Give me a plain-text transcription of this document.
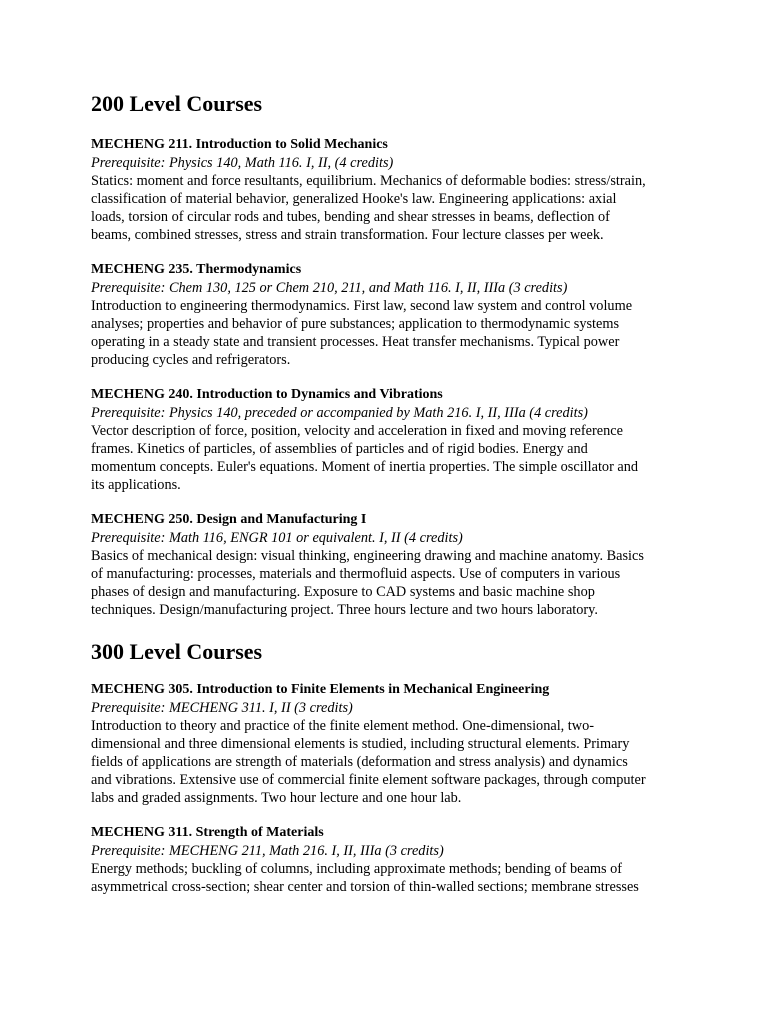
200 Level Courses
MECHENG 211. Introduction to Solid Mechanics
Prerequisite: Physics 140, Math 116. I, II, (4 credits)
Statics: moment and force resultants, equilibrium. Mechanics of deformable bodies: stress/strain,
classification of material behavior, generalized Hooke's law. Engineering applications: axial
loads, torsion of circular rods and tubes, bending and shear stresses in beams, deflection of
beams, combined stresses, stress and strain transformation. Four lecture classes per week.
MECHENG 235. Thermodynamics
Prerequisite: Chem 130, 125 or Chem 210, 211, and Math 116. I, II, IIIa (3 credits)
Introduction to engineering thermodynamics. First law, second law system and control volume
analyses; properties and behavior of pure substances; application to thermodynamic systems
operating in a steady state and transient processes. Heat transfer mechanisms. Typical power
producing cycles and refrigerators.
MECHENG 240. Introduction to Dynamics and Vibrations
Prerequisite: Physics 140, preceded or accompanied by Math 216. I, II, IIIa (4 credits)
Vector description of force, position, velocity and acceleration in fixed and moving reference
frames. Kinetics of particles, of assemblies of particles and of rigid bodies. Energy and
momentum concepts. Euler's equations. Moment of inertia properties. The simple oscillator and
its applications.
MECHENG 250. Design and Manufacturing I
Prerequisite: Math 116, ENGR 101 or equivalent. I, II (4 credits)
Basics of mechanical design: visual thinking, engineering drawing and machine anatomy. Basics
of manufacturing: processes, materials and thermofluid aspects. Use of computers in various
phases of design and manufacturing. Exposure to CAD systems and basic machine shop
techniques. Design/manufacturing project. Three hours lecture and two hours laboratory.
300 Level Courses
MECHENG 305. Introduction to Finite Elements in Mechanical Engineering
Prerequisite: MECHENG 311. I, II (3 credits)
Introduction to theory and practice of the finite element method. One-dimensional, two-
dimensional and three dimensional elements is studied, including structural elements. Primary
fields of applications are strength of materials (deformation and stress analysis) and dynamics
and vibrations. Extensive use of commercial finite element software packages, through computer
labs and graded assignments. Two hour lecture and one hour lab.
MECHENG 311. Strength of Materials
Prerequisite: MECHENG 211, Math 216. I, II, IIIa (3 credits)
Energy methods; buckling of columns, including approximate methods; bending of beams of
asymmetrical cross-section; shear center and torsion of thin-walled sections; membrane stresses
